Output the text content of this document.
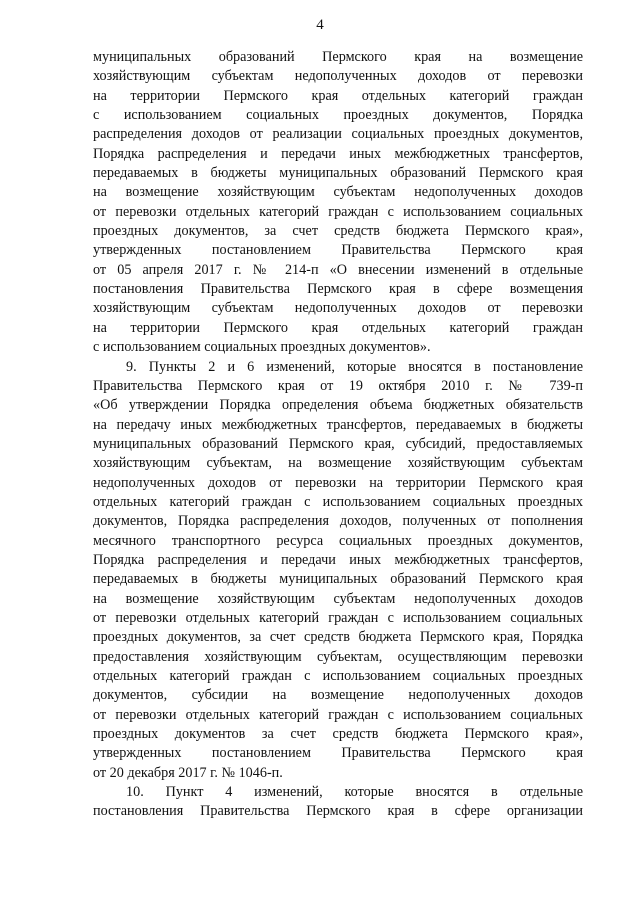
4
муниципальных образований Пермского края на возмещение
хозяйствующим субъектам недополученных доходов от перевозки
на территории Пермского края отдельных категорий граждан
с использованием социальных проездных документов, Порядка
распределения доходов от реализации социальных проездных документов,
Порядка распределения и передачи иных межбюджетных трансфертов,
передаваемых в бюджеты муниципальных образований Пермского края
на возмещение хозяйствующим субъектам недополученных доходов
от перевозки отдельных категорий граждан с использованием социальных
проездных документов, за счет средств бюджета Пермского края»,
утвержденных постановлением Правительства Пермского края
от 05 апреля 2017 г. № 214-п «О внесении изменений в отдельные
постановления Правительства Пермского края в сфере возмещения
хозяйствующим субъектам недополученных доходов от перевозки
на территории Пермского края отдельных категорий граждан
с использованием социальных проездных документов».
9. Пункты 2 и 6 изменений, которые вносятся в постановление
Правительства Пермского края от 19 октября 2010 г. № 739-п
«Об утверждении Порядка определения объема бюджетных обязательств
на передачу иных межбюджетных трансфертов, передаваемых в бюджеты
муниципальных образований Пермского края, субсидий, предоставляемых
хозяйствующим субъектам, на возмещение хозяйствующим субъектам
недополученных доходов от перевозки на территории Пермского края
отдельных категорий граждан с использованием социальных проездных
документов, Порядка распределения доходов, полученных от пополнения
месячного транспортного ресурса социальных проездных документов,
Порядка распределения и передачи иных межбюджетных трансфертов,
передаваемых в бюджеты муниципальных образований Пермского края
на возмещение хозяйствующим субъектам недополученных доходов
от перевозки отдельных категорий граждан с использованием социальных
проездных документов, за счет средств бюджета Пермского края, Порядка
предоставления хозяйствующим субъектам, осуществляющим перевозки
отдельных категорий граждан с использованием социальных проездных
документов, субсидии на возмещение недополученных доходов
от перевозки отдельных категорий граждан с использованием социальных
проездных документов за счет средств бюджета Пермского края»,
утвержденных постановлением Правительства Пермского края
от 20 декабря 2017 г. № 1046-п.
10. Пункт 4 изменений, которые вносятся в отдельные
постановления Правительства Пермского края в сфере организации
